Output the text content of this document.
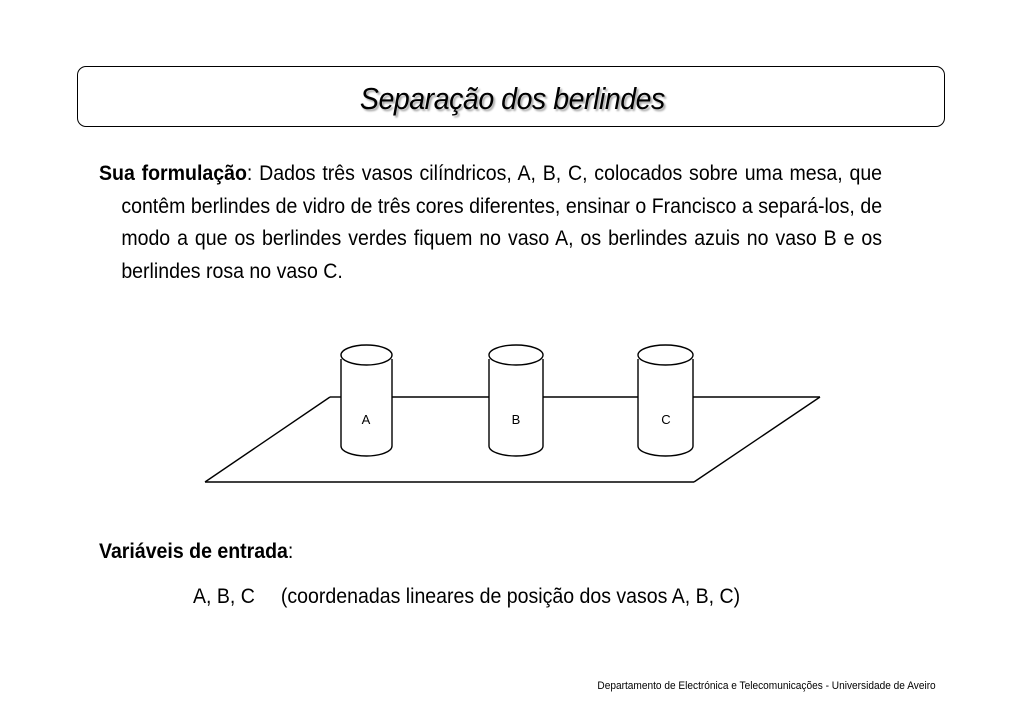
Separação dos berlindes
Sua formulação: Dados três vasos cilíndricos, A, B, C, colocados sobre uma mesa, que contêm berlindes de vidro de três cores diferentes, ensinar o Francisco a separá-los, de modo a que os berlindes verdes fiquem no vaso A, os berlindes azuis no vaso B e os berlindes rosa no vaso C.
A	B	C
Variáveis de entrada:
A, B, C (coordenadas lineares de posição dos vasos A, B, C)
Departamento de Electrónica e Telecomunicações - Universidade de Aveiro
